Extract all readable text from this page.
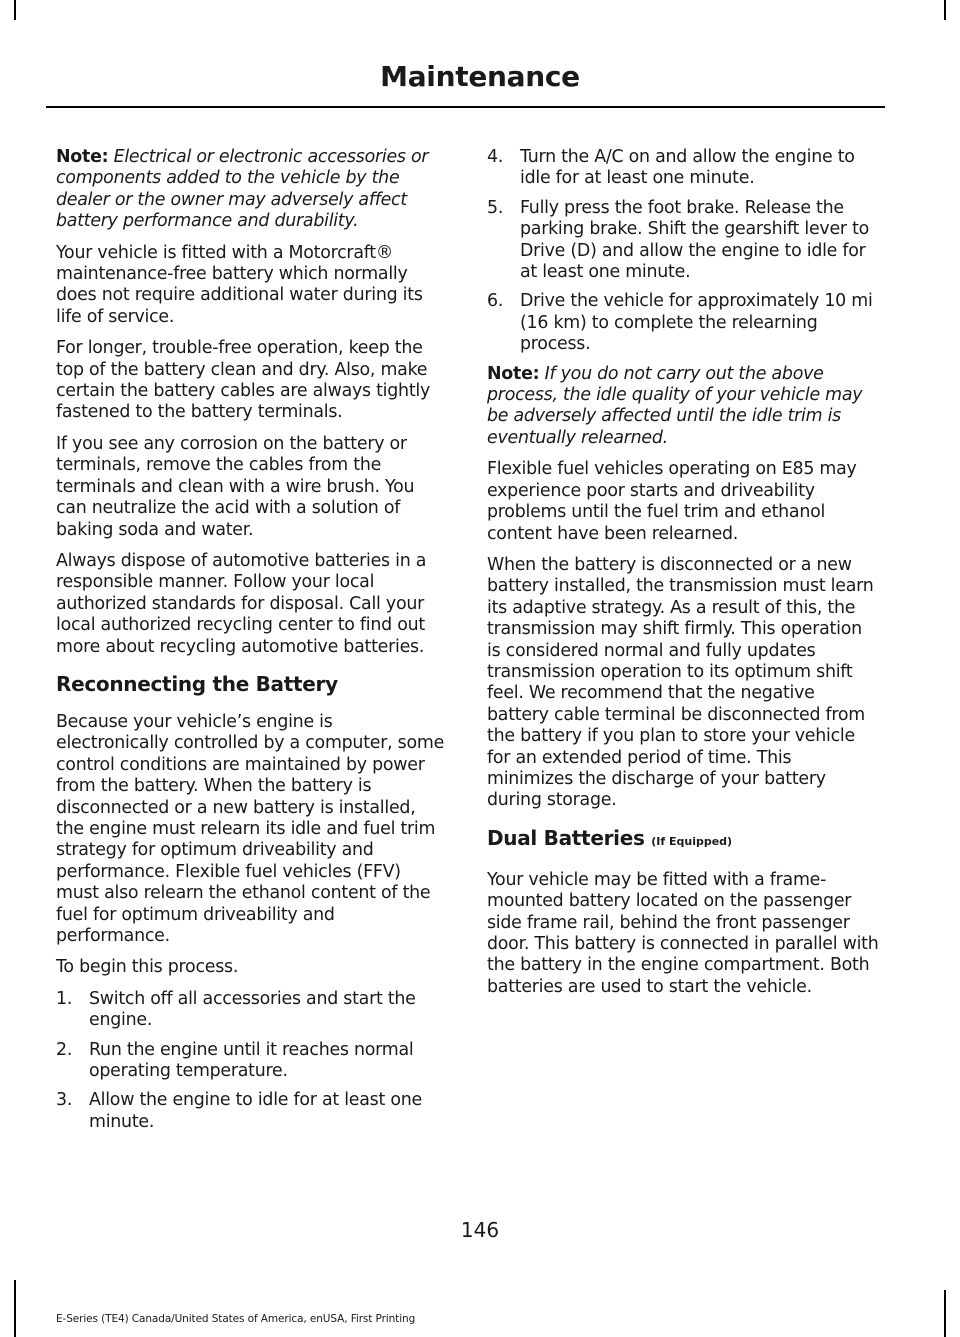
Maintenance

Note: Electrical or electronic accessories or components added to the vehicle by the dealer or the owner may adversely affect battery performance and durability.

Your vehicle is fitted with a Motorcraft® maintenance-free battery which normally does not require additional water during its life of service.

For longer, trouble-free operation, keep the top of the battery clean and dry. Also, make certain the battery cables are always tightly fastened to the battery terminals.

If you see any corrosion on the battery or terminals, remove the cables from the terminals and clean with a wire brush. You can neutralize the acid with a solution of baking soda and water.

Always dispose of automotive batteries in a responsible manner. Follow your local authorized standards for disposal. Call your local authorized recycling center to find out more about recycling automotive batteries.

Reconnecting the Battery

Because your vehicle’s engine is electronically controlled by a computer, some control conditions are maintained by power from the battery. When the battery is disconnected or a new battery is installed, the engine must relearn its idle and fuel trim strategy for optimum driveability and performance. Flexible fuel vehicles (FFV) must also relearn the ethanol content of the fuel for optimum driveability and performance.

To begin this process.

1. Switch off all accessories and start the engine.
2. Run the engine until it reaches normal operating temperature.
3. Allow the engine to idle for at least one minute.
4. Turn the A/C on and allow the engine to idle for at least one minute.
5. Fully press the foot brake. Release the parking brake. Shift the gearshift lever to Drive (D) and allow the engine to idle for at least one minute.
6. Drive the vehicle for approximately 10 mi (16 km) to complete the relearning process.

Note: If you do not carry out the above process, the idle quality of your vehicle may be adversely affected until the idle trim is eventually relearned.

Flexible fuel vehicles operating on E85 may experience poor starts and driveability problems until the fuel trim and ethanol content have been relearned.

When the battery is disconnected or a new battery installed, the transmission must learn its adaptive strategy. As a result of this, the transmission may shift firmly. This operation is considered normal and fully updates transmission operation to its optimum shift feel. We recommend that the negative battery cable terminal be disconnected from the battery if you plan to store your vehicle for an extended period of time. This minimizes the discharge of your battery during storage.

Dual Batteries (If Equipped)

Your vehicle may be fitted with a frame-mounted battery located on the passenger side frame rail, behind the front passenger door. This battery is connected in parallel with the battery in the engine compartment. Both batteries are used to start the vehicle.

146
E-Series (TE4) Canada/United States of America, enUSA, First Printing
